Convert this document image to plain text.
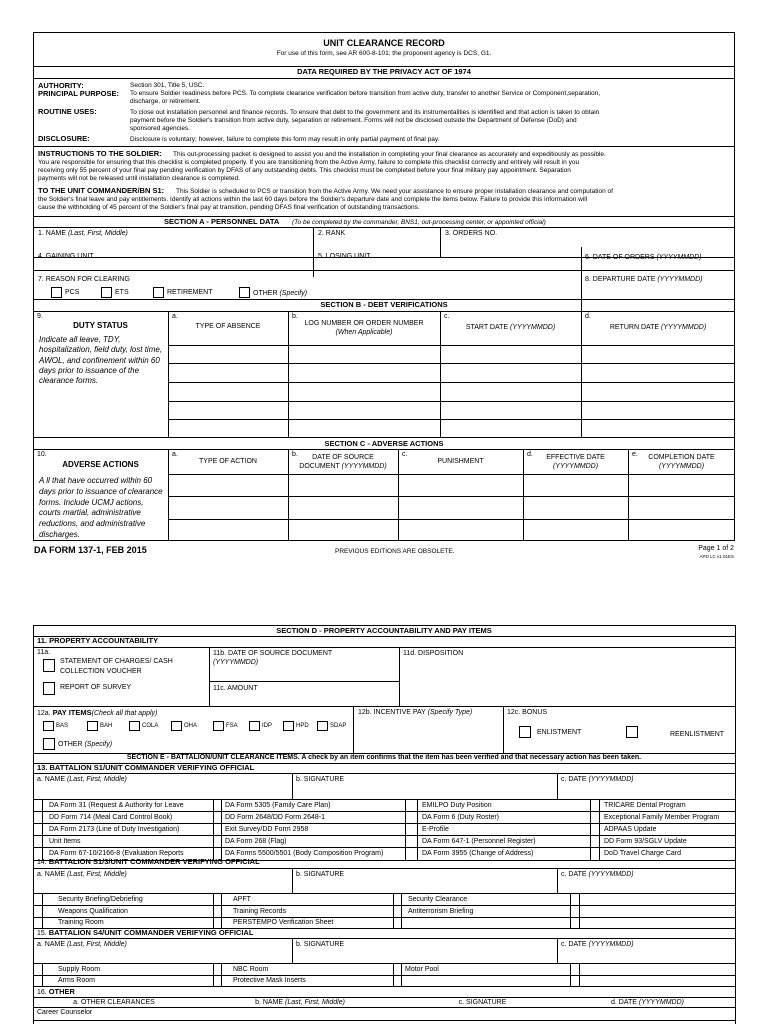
UNIT CLEARANCE RECORD
For use of this form, see AR 600-8-101; the proponent agency is DCS, G1.
DATA REQUIRED BY THE PRIVACY ACT OF 1974
AUTHORITY:	Section 301, Title 5, USC.
PRINCIPAL PURPOSE: To ensure Soldier readiness before PCS. To complete clearance verification before transition from active duty, transfer to another Service or Component,separation,
discharge, or retirement.
ROUTINE USES:	To close out installation personnel and finance records. To ensure that debt to the government and its instrumentalities is identified and that action is taken to obtain
payment before the Soldier's transition from active duty, separation or retirement. Forms will not be disclosed outside the Department of Defense (DoD) and
sponsored agencies.
DISCLOSURE:	Disclosure is voluntary; however, failure to complete this form may result in only partial payment of final pay.
INSTRUCTIONS TO THE SOLDIER: This out-processing packet is designed to assist you and the installation in completing your final clearance as accurately and expeditiously as possible.
You are responsible for ensuring that this checklist is completed properly. If you are transitioning from the Active Army, failure to complete this checklist correctly and entirely will result in you
receiving only 55 percent of your final pay pending verification by DFAS of any outstanding debts. This checklist must be completed before your final military pay appointment. Separation
payments will not be released until installation clearance is completed.
TO THE UNIT COMMANDER/BN S1: This Soldier is scheduled to PCS or transition from the Active Army. We need your assistance to ensure proper installation clearance and computation of
the Soldier's final leave and pay entitlements. Identify all actions within the last 60 days before the Soldier's departure date and complete the items below. Failure to provide this information will
cause the withholding of 45 percent of the Soldier's final pay at transition, pending DFAS final verification of outstanding transactions.
SECTION A - PERSONNEL DATA (To be completed by the commander, BNS1, out-processing center, or appointed official)
1. NAME (Last, First, Middle)	2. RANK	3. ORDERS NO.
4. GAINING UNIT	5. LOSING UNIT	6. DATE OF ORDERS (YYYYMMDD)
7. REASON FOR CLEARING	8. DEPARTURE DATE (YYYYMMDD)
PCS	ETS	RETIREMENT	OTHER (Specify)
SECTION B - DEBT VERIFICATIONS
9.
DUTY STATUS
Indicate all leave, TDY, hospitalization, field duty, lost time, AWOL, and confinement within 60 days prior to issuance of the clearance forms.
a.
TYPE OF ABSENCE
b.
LOG NUMBER OR ORDER NUMBER
(When Applicable)
c.
START DATE (YYYYMMDD)
d.
RETURN DATE (YYYYMMDD)
SECTION C - ADVERSE ACTIONS
10.
ADVERSE ACTIONS
A ll that have occurred within 60 days prior to issuance of clearance forms. Include UCMJ actions, courts martial, administrative reductions, and administrative discharges.
a.
TYPE OF ACTION
b.	DATE OF SOURCE
DOCUMENT (YYYYMMDD)
c.
PUNISHMENT
d.	EFFECTIVE DATE
(YYYYMMDD)
e.	COMPLETION DATE
(YYYYMMDD)
DA FORM 137-1, FEB 2015	PREVIOUS EDITIONS ARE OBSOLETE.	Page 1 of 2
APD LC v1.01ES
SECTION D - PROPERTY ACCOUNTABILITY AND PAY ITEMS
11. PROPERTY ACCOUNTABILITY
11a.
STATEMENT OF CHARGES/ CASH
COLLECTION VOUCHER
REPORT OF SURVEY
11b. DATE OF SOURCE DOCUMENT
(YYYYMMDD)
11c. AMOUNT
11d. DISPOSITION
12a. PAY ITEMS(Check all that apply)
BAS	BAH	COLA	OHA	FSA	IDP	HPD	SDAP
OTHER (Specify)
12b. INCENTIVE PAY (Specify Type)	12c. BONUS
ENLISTMENT	REENLISTMENT
SECTION E - BATTALION/UNIT CLEARANCE ITEMS. A check by an item confirms that the item has been verified and that necessary action has been taken.
13. BATTALION S1/UNIT COMMANDER VERIFYING OFFICIAL
a. NAME (Last, First, Middle)	b. SIGNATURE	c. DATE (YYYYMMDD)
DA Form 31 (Request & Authority for Leave	DA Form 5305 (Family Care Plan)	EMILPO Duty Position	TRICARE Dental Program
DD Form 714 (Meal Card Control Book)	DD Form 2648/DD Form 2648-1	DA Form 6 (Duty Roster)	Exceptional Family Member Program
DA Form 2173 (Line of Duty Investigation)	Exit Survey/DD Form 2958	E-Profile	ADPAAS Update
Unit Items	DA Form 268 (Flag)	DA Form 647-1 (Personnel Register)	DD Form 93/SGLV Update
DA Form 67-10/2166-8 (Evaluation Reports	DA Forms 5500/5501 (Body Composition Program)	DA Form 3955 (Change of Address)	DoD Travel Charge Card
14. BATTALION S1/3/UNIT COMMANDER VERIFYING OFFICIAL
a. NAME (Last, First, Middle)	b. SIGNATURE	c. DATE (YYYYMMDD)
Security Briefing/Debriefing	APFT	Security Clearance
Weapons Qualification	Training Records	Antiterrorism Briefing
Training Room	PERSTEMPO Verification Sheet
15. BATTALION S4/UNIT COMMANDER VERIFYING OFFICIAL
a. NAME (Last, First, Middle)	b. SIGNATURE	c. DATE (YYYYMMDD)
Supply Room	NBC Room	Motor Pool
Arms Room	Protective Mask Inserts
16. OTHER
a. OTHER CLEARANCES	b. NAME (Last, First, Middle)	c. SIGNATURE	d. DATE (YYYYMMDD)
Career Counselor
